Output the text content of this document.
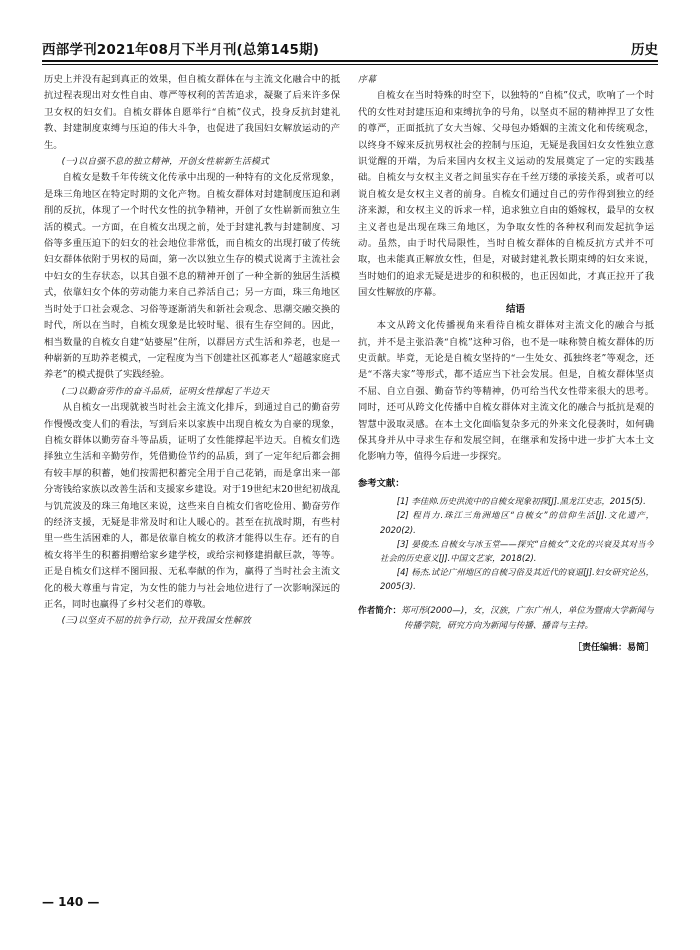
西部学刊2021年08月下半月刊(总第145期)	历史

历史上并没有起到真正的效果，但自梳女群体在与主流文化融合中的抵抗过程表现出对女性自由、尊严等权利的苦苦追求，凝聚了后来许多保卫女权的妇女们。自梳女群体自愿举行“自梳”仪式，投身反抗封建礼教、封建制度束缚与压迫的伟大斗争，也促进了我国妇女解放运动的产生。

(一)以自强不息的独立精神，开创女性崭新生活模式

自梳女是数千年传统文化传承中出现的一种特有的文化反常现象，是珠三角地区在特定时期的文化产物。自梳女群体对封建制度压迫和剥削的反抗，体现了一个时代女性的抗争精神，开创了女性崭新而独立生活的模式。一方面，在自梳女出现之前，处于封建礼教与封建制度、习俗等多重压迫下的妇女的社会地位非常低，而自梳女的出现打破了传统妇女群体依附于男权的局面，第一次以独立生存的模式说离于主流社会中妇女的生存状态，以其自强不息的精神开创了一种全新的独居生活模式，依靠妇女个体的劳动能力来自己养活自己；另一方面，珠三角地区当时处于口社会观念、习俗等逐渐消失和新社会观念、思潮交融交换的时代，所以在当时，自梳女现象是比较时髦、很有生存空间的。因此，相当数量的自梳女自建“姑婆屋”住所，以群居方式生活和养老，也是一种崭新的互助养老模式，一定程度为当下创建社区孤寡老人“超越家庭式养老”的模式提供了实践经验。

(二)以勤奋劳作的奋斗品质，证明女性撑起了半边天

从自梳女一出现就被当时社会主流文化排斥，到通过自己的勤奋劳作慢慢改变人们的看法，写到后来以家族中出现自梳女为自豪的现象，自梳女群体以勤劳奋斗等品质，证明了女性能撑起半边天。自梳女们选择独立生活和辛勤劳作，凭借勤俭节约的品质，到了一定年纪后都会拥有较丰厚的积蓄，她们按需把积蓄完全用于自己花销，而是拿出来一部分寄钱给家族以改善生活和支援家乡建设。对于19世纪末20世纪初战乱与饥荒波及的珠三角地区来说，这些来自自梳女们省吃俭用、勤奋劳作的经济支援，无疑是非常及时和让人暖心的。甚至在抗战时期，有些村里一些生活困难的人，都是依靠自梳女的救济才能得以生存。还有的自梳女将半生的积蓄捐赠给家乡建学校，或给宗祠修建捐献巨款，等等。正是自梳女们这样不图回报、无私奉献的作为，赢得了当时社会主流文化的极大尊重与肯定，为女性的能力与社会地位进行了一次影响深远的正名，同时也赢得了乡村父老们的尊敬。

(三)以坚贞不屈的抗争行动，拉开我国女性解放

序幕

自梳女在当时特殊的时空下，以独特的“自梳”仪式，吹响了一个时代的女性对封建压迫和束缚抗争的号角，以坚贞不屈的精神捍卫了女性的尊严，正面抵抗了女大当嫁、父母包办婚姻的主流文化和传统观念，以终身不嫁来反抗男权社会的控制与压迫，无疑是我国妇女女性独立意识觉醒的开端，为后来国内女权主义运动的发展奠定了一定的实践基础。自梳女与女权主义者之间虽实存在千丝万缕的承接关系，或者可以说自梳女是女权主义者的前身。自梳女们通过自己的劳作得到独立的经济来源，和女权主义的诉求一样，追求独立自由的婚嫁权，最早的女权主义者也是出现在珠三角地区，为争取女性的各种权利而发起抗争运动。虽然，由于时代局限性，当时自梳女群体的自梳反抗方式并不可取，也未能真正解放女性，但是，对破封建礼教长期束缚的妇女来说，当时她们的追求无疑是进步的和积极的，也正因如此，才真正拉开了我国女性解放的序幕。

结语

本文从跨文化传播视角来看待自梳女群体对主流文化的融合与抵抗，并不是主张沿袭“自梳”这种习俗，也不是一味称赞自梳女群体的历史贡献。毕竟，无论是自梳女坚持的“一生处女、孤独终老”等观念，还是“不落夫家”等形式，都不适应当下社会发展。但是，自梳女群体坚贞不屈、自立自强、勤奋节约等精神，仍可给当代女性带来很大的思考。同时，还可从跨文化传播中自梳女群体对主流文化的融合与抵抗是观的智慧中汲取灵感。在本土文化面临复杂多元的外来文化侵袭时，如何确保其身并从中寻求生存和发展空间，在继承和发扬中进一步扩大本土文化影响力等，值得今后进一步探究。

参考文献：

[1] 李佳帅.历史洪流中的自梳女现象初探[J].黑龙江史志，2015(5).

[2] 程肖力.珠江三角洲地区“自梳女”的信仰生活[J].文化遗产，2020(2).

[3] 晏俊杰.自梳女与冰玉堂——探究“自梳女”文化的兴衰及其对当今社会的历史意义[J].中国文艺家，2018(2).

[4] 杨杰.试论广州地区的自梳习俗及其近代的衰退[J].妇女研究论丛，2005(3).

作者简介：郑可彤(2000—)，女，汉族，广东广州人，单位为暨南大学新闻与传播学院，研究方向为新闻与传播、播音与主持。
［责任编辑：易简］
— 140 —
